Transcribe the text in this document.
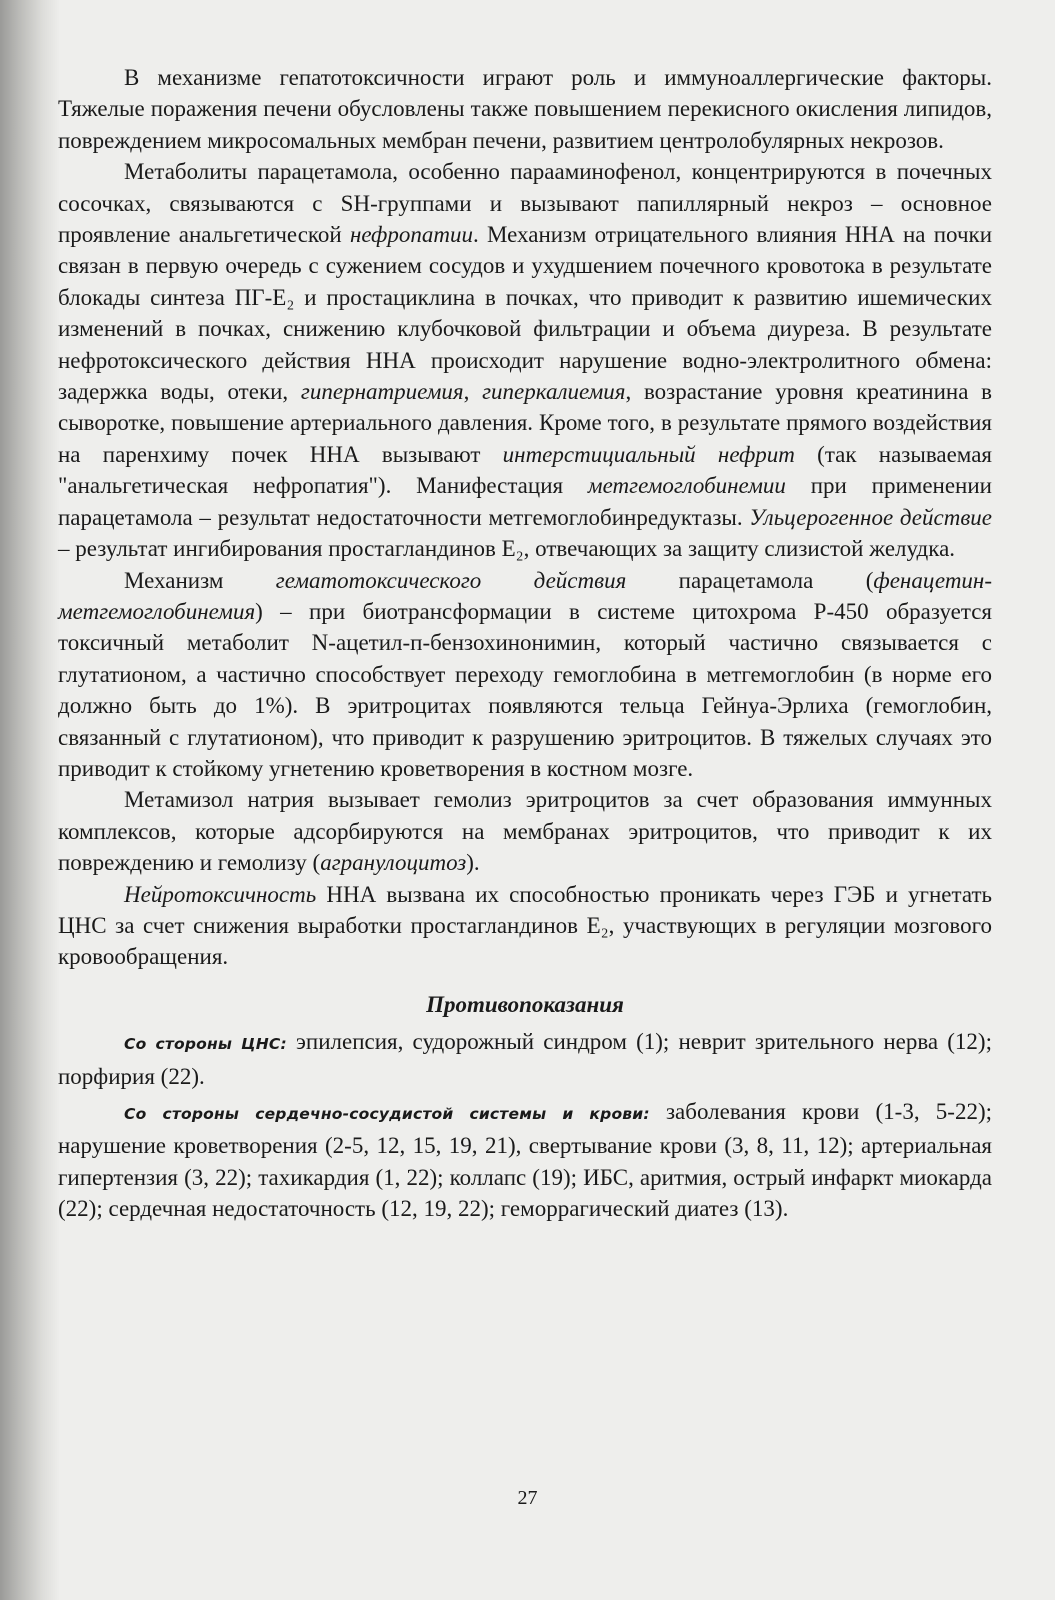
В механизме гепатотоксичности играют роль и иммуноаллергические факторы. Тяжелые поражения печени обусловлены также повышением перекисного окисления липидов, повреждением микросомальных мембран печени, развитием центролобулярных некрозов.

Метаболиты парацетамола, особенно парааминофенол, концентрируются в почечных сосочках, связываются с SH-группами и вызывают папиллярный некроз – основное проявление анальгетической нефропатии. Механизм отрицательного влияния ННА на почки связан в первую очередь с сужением сосудов и ухудшением почечного кровотока в результате блокады синтеза ПГ-E₂ и простациклина в почках, что приводит к развитию ишемических изменений в почках, снижению клубочковой фильтрации и объема диуреза. В результате нефротоксического действия ННА происходит нарушение водно-электролитного обмена: задержка воды, отеки, гипернатриемия, гиперкалиемия, возрастание уровня креатинина в сыворотке, повышение артериального давления. Кроме того, в результате прямого воздействия на паренхиму почек ННА вызывают интерстициальный нефрит (так называемая "анальгетическая нефропатия"). Манифестация метгемоглобинемии при применении парацетамола – результат недостаточности метгемоглобинредуктазы. Ульцерогенное действие – результат ингибирования простагландинов E₂, отвечающих за защиту слизистой желудка.

Механизм гематотоксического действия парацетамола (фенацетин-метгемоглобинемия) – при биотрансформации в системе цитохрома Р-450 образуется токсичный метаболит N-ацетил-п-бензохинонимин, который частично связывается с глутатионом, а частично способствует переходу гемоглобина в метгемоглобин (в норме его должно быть до 1%). В эритроцитах появляются тельца Гейнуа-Эрлиха (гемоглобин, связанный с глутатионом), что приводит к разрушению эритроцитов. В тяжелых случаях это приводит к стойкому угнетению кроветворения в костном мозге.

Метамизол натрия вызывает гемолиз эритроцитов за счет образования иммунных комплексов, которые адсорбируются на мембранах эритроцитов, что приводит к их повреждению и гемолизу (агранулоцитоз).

Нейротоксичность ННА вызвана их способностью проникать через ГЭБ и угнетать ЦНС за счет снижения выработки простагландинов E₂, участвующих в регуляции мозгового кровообращения.

Противопоказания

Со стороны ЦНС: эпилепсия, судорожный синдром (1); неврит зрительного нерва (12); порфирия (22).

Со стороны сердечно-сосудистой системы и крови: заболевания крови (1-3, 5-22); нарушение кроветворения (2-5, 12, 15, 19, 21), свертывание крови (3, 8, 11, 12); артериальная гипертензия (3, 22); тахикардия (1, 22); коллапс (19); ИБС, аритмия, острый инфаркт миокарда (22); сердечная недостаточность (12, 19, 22); геморрагический диатез (13).

27
